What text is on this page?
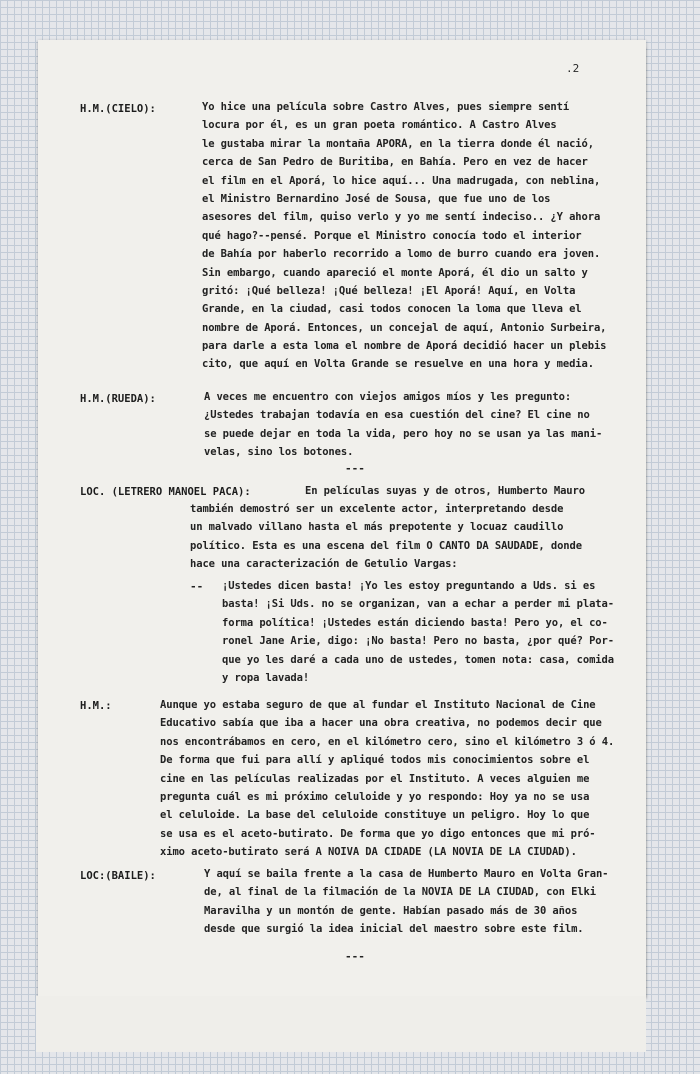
.2
H.M.(CIELO):	Yo hice una película sobre Castro Alves, pues siempre sentí
locura por él, es un gran poeta romántico. A Castro Alves
le gustaba mirar la montaña APORÁ, en la tierra donde él nació,
cerca de San Pedro de Buritiba, en Bahía. Pero en vez de hacer
el film en el Aporá, lo hice aquí... Una madrugada, con neblina,
el Ministro Bernardino José de Sousa, que fue uno de los
asesores del film, quiso verlo y yo me sentí indeciso.. ¿Y ahora
qué hago?--pensé. Porque el Ministro conocía todo el interior
de Bahía por haberlo recorrido a lomo de burro cuando era joven.
Sin embargo, cuando apareció el monte Aporá, él dio un salto y
gritó: ¡Qué belleza! ¡Qué belleza! ¡El Aporá! Aquí, en Volta
Grande, en la ciudad, casi todos conocen la loma que lleva el
nombre de Aporá. Entonces, un concejal de aquí, Antonio Surbeira,
para darle a esta loma el nombre de Aporá decidió hacer un plebis
cito, que aquí en Volta Grande se resuelve en una hora y media.
H.M.(RUEDA):	A veces me encuentro con viejos amigos míos y les pregunto:
¿Ustedes trabajan todavía en esa cuestión del cine? El cine no
se puede dejar en toda la vida, pero hoy no se usan ya las mani-
velas, sino los botones.
---
LOC. (LETRERO MANOEL PACA):	En películas suyas y de otros, Humberto Mauro
también demostró ser un excelente actor, interpretando desde
un malvado villano hasta el más prepotente y locuaz caudillo
político. Esta es una escena del film O CANTO DA SAUDADE, donde
hace una caracterización de Getulio Vargas:
-- ¡Ustedes dicen basta! ¡Yo les estoy preguntando a Uds. si es
basta! ¡Si Uds. no se organizan, van a echar a perder mi plata-
forma política! ¡Ustedes están diciendo basta! Pero yo, el co-
ronel Jane Arie, digo: ¡No basta! Pero no basta, ¿por qué? Por-
que yo les daré a cada uno de ustedes, tomen nota: casa, comida
y ropa lavada!
H.M.:	Aunque yo estaba seguro de que al fundar el Instituto Nacional de Cine
Educativo sabía que iba a hacer una obra creativa, no podemos decir que
nos encontrábamos en cero, en el kilómetro cero, sino el kilómetro 3 ó 4.
De forma que fui para allí y apliqué todos mis conocimientos sobre el
cine en las películas realizadas por el Instituto. A veces alguien me
pregunta cuál es mi próximo celuloide y yo respondo: Hoy ya no se usa
el celuloide. La base del celuloide constituye un peligro. Hoy lo que
se usa es el aceto-butirato. De forma que yo digo entonces que mi pró-
ximo aceto-butirato será A NOIVA DA CIDADE (LA NOVIA DE LA CIUDAD).
LOC:(BAILE):	Y aquí se baila frente a la casa de Humberto Mauro en Volta Gran-
de, al final de la filmación de la NOVIA DE LA CIUDAD, con Elki
Maravilha y un montón de gente. Habían pasado más de 30 años
desde que surgió la idea inicial del maestro sobre este film.
---
